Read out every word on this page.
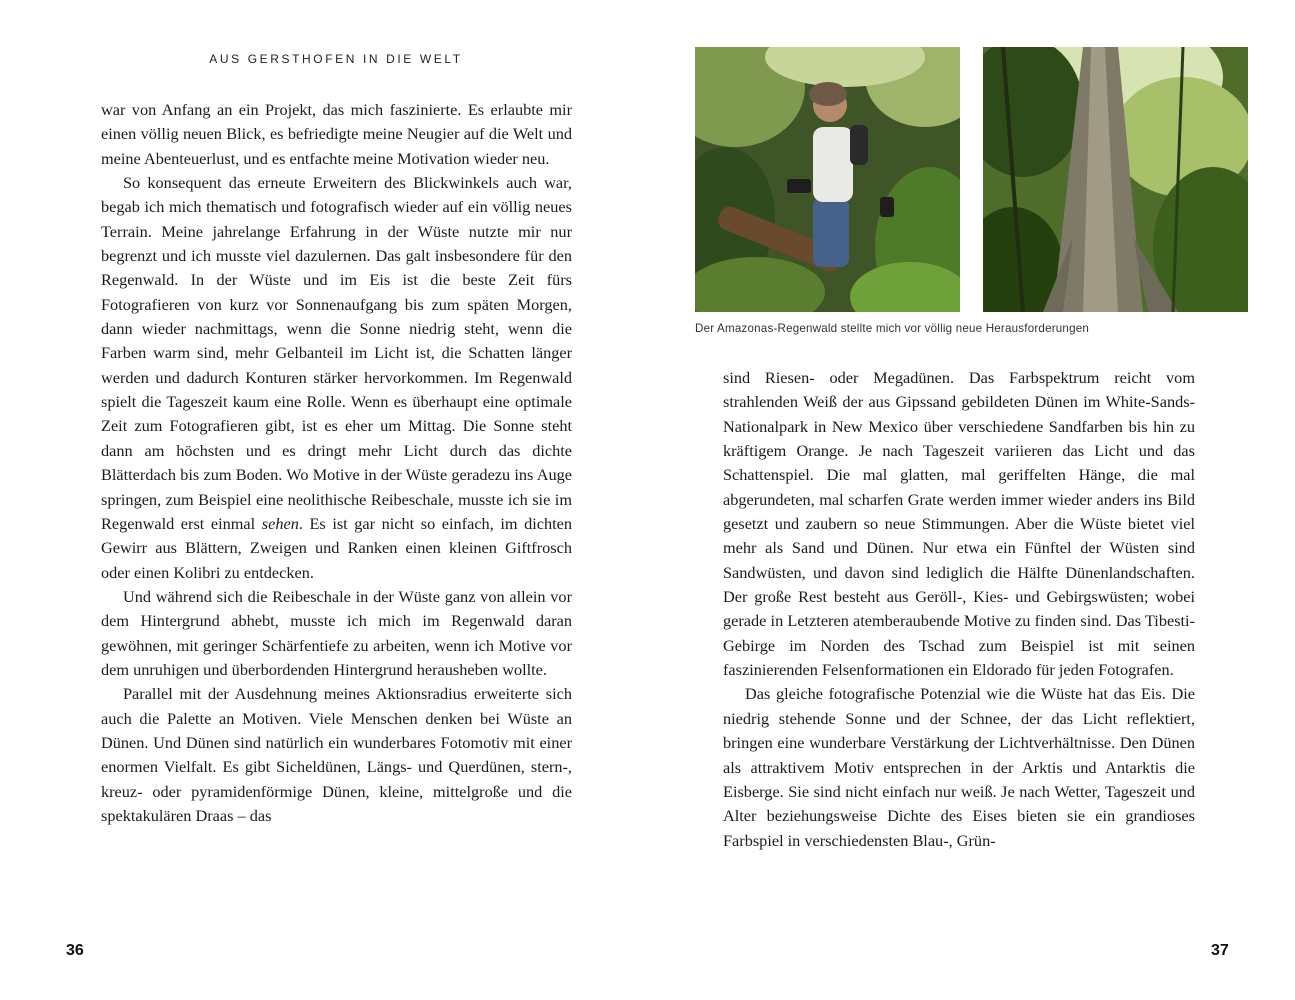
AUS GERSTHOFEN IN DIE WELT

war von Anfang an ein Projekt, das mich faszinierte. Es erlaubte mir einen völlig neuen Blick, es befriedigte meine Neugier auf die Welt und meine Abenteuerlust, und es entfachte meine Motivation wieder neu.

So konsequent das erneute Erweitern des Blickwinkels auch war, begab ich mich thematisch und fotografisch wieder auf ein völlig neues Terrain. Meine jahrelange Erfahrung in der Wüste nutzte mir nur begrenzt und ich musste viel dazulernen. Das galt insbesondere für den Regenwald. In der Wüste und im Eis ist die beste Zeit fürs Fotografieren von kurz vor Sonnenaufgang bis zum späten Morgen, dann wieder nachmittags, wenn die Sonne niedrig steht, wenn die Farben warm sind, mehr Gelbanteil im Licht ist, die Schatten länger werden und dadurch Konturen stärker hervorkommen. Im Regenwald spielt die Tageszeit kaum eine Rolle. Wenn es überhaupt eine optimale Zeit zum Fotografieren gibt, ist es eher um Mittag. Die Sonne steht dann am höchsten und es dringt mehr Licht durch das dichte Blätterdach bis zum Boden. Wo Motive in der Wüste geradezu ins Auge springen, zum Beispiel eine neolithische Reibeschale, musste ich sie im Regenwald erst einmal sehen. Es ist gar nicht so einfach, im dichten Gewirr aus Blättern, Zweigen und Ranken einen kleinen Giftfrosch oder einen Kolibri zu entdecken.

Und während sich die Reibeschale in der Wüste ganz von allein vor dem Hintergrund abhebt, musste ich mich im Regenwald daran gewöhnen, mit geringer Schärfentiefe zu arbeiten, wenn ich Motive vor dem unruhigen und überbordenden Hintergrund herausheben wollte.

Parallel mit der Ausdehnung meines Aktionsradius erweiterte sich auch die Palette an Motiven. Viele Menschen denken bei Wüste an Dünen. Und Dünen sind natürlich ein wunderbares Fotomotiv mit einer enormen Vielfalt. Es gibt Sicheldünen, Längs- und Querdünen, stern-, kreuz- oder pyramidenförmige Dünen, kleine, mittelgroße und die spektakulären Draas – das

36
Der Amazonas-Regenwald stellte mich vor völlig neue Herausforderungen

sind Riesen- oder Megadünen. Das Farbspektrum reicht vom strahlenden Weiß der aus Gipssand gebildeten Dünen im White-Sands-Nationalpark in New Mexico über verschiedene Sandfarben bis hin zu kräftigem Orange. Je nach Tageszeit variieren das Licht und das Schattenspiel. Die mal glatten, mal geriffelten Hänge, die mal abgerundeten, mal scharfen Grate werden immer wieder anders ins Bild gesetzt und zaubern so neue Stimmungen. Aber die Wüste bietet viel mehr als Sand und Dünen. Nur etwa ein Fünftel der Wüsten sind Sandwüsten, und davon sind lediglich die Hälfte Dünenlandschaften. Der große Rest besteht aus Geröll-, Kies- und Gebirgswüsten; wobei gerade in Letzteren atemberaubende Motive zu finden sind. Das Tibesti-Gebirge im Norden des Tschad zum Beispiel ist mit seinen faszinierenden Felsenformationen ein Eldorado für jeden Fotografen.

Das gleiche fotografische Potenzial wie die Wüste hat das Eis. Die niedrig stehende Sonne und der Schnee, der das Licht reflektiert, bringen eine wunderbare Verstärkung der Lichtverhältnisse. Den Dünen als attraktivem Motiv entsprechen in der Arktis und Antarktis die Eisberge. Sie sind nicht einfach nur weiß. Je nach Wetter, Tageszeit und Alter beziehungsweise Dichte des Eises bieten sie ein grandioses Farbspiel in verschiedensten Blau-, Grün-

37
